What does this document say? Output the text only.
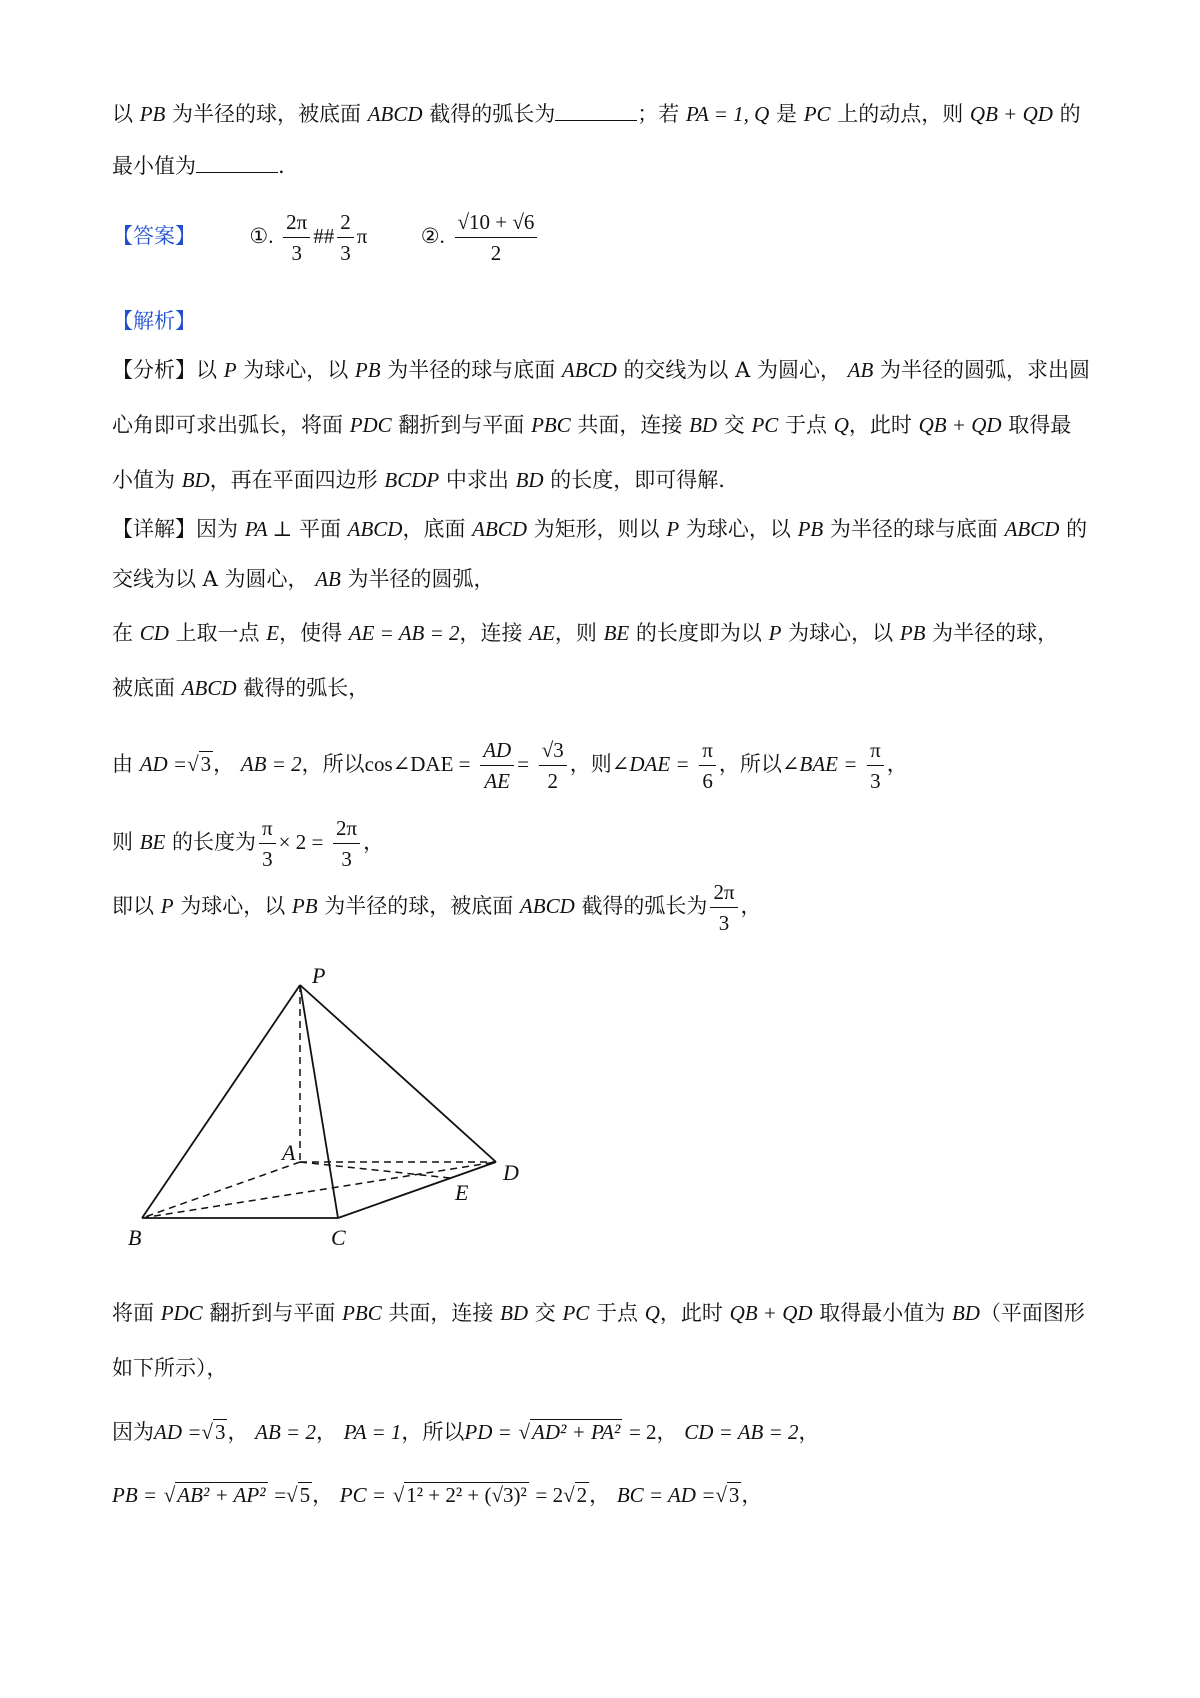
以 PB 为半径的球，被底面 ABCD 截得的弧长为	；若 PA = 1, Q 是 PC 上的动点，则 QB + QD 的
最小值为	.
【答案】	①. $\frac{2\pi}{3}$ ## $\frac{2}{3}$ π	②. $\frac{√10 + √6}{2}$
【解析】
【分析】以 P 为球心，以 PB 为半径的球与底面 ABCD 的交线为以 A 为圆心， AB 为半径的圆弧，求出圆
心角即可求出弧长，将面 PDC 翻折到与平面 PBC 共面，连接 BD 交 PC 于点 Q，此时 QB + QD 取得最
小值为 BD，再在平面四边形 BCDP 中求出 BD 的长度，即可得解.
【详解】因为 PA ⊥ 平面 ABCD，底面 ABCD 为矩形，则以 P 为球心，以 PB 为半径的球与底面 ABCD 的
交线为以 A 为圆心， AB 为半径的圆弧，
在 CD 上取一点 E，使得 AE = AB = 2，连接 AE，则 BE 的长度即为以 P 为球心，以 PB 为半径的球，
被底面 ABCD 截得的弧长，
由 AD =√3， AB = 2，所以cos∠DAE = $\frac{AD}{AE} = \frac{√3}{2}$ ，则∠DAE = $\frac{\pi}{6}$ ，所以∠BAE = $\frac{\pi}{3}$ ，
则 BE 的长度为 $\frac{\pi}{3} \times 2 = \frac{2\pi}{3}$ ，
即以 P 为球心，以 PB 为半径的球，被底面 ABCD 截得的弧长为 $\frac{2\pi}{3}$ ，
P
A
B	C
D
E
将面 PDC 翻折到与平面 PBC 共面，连接 BD 交 PC 于点 Q，此时 QB + QD 取得最小值为 BD（平面图形
如下所示），
因为AD =√3， AB = 2， PA = 1，所以PD = √AD² + PA² = 2， CD = AB = 2，
PB = √AB² + AP² =√5， PC = √1² + 2² + (√3)² = 2√2， BC = AD =√3，
